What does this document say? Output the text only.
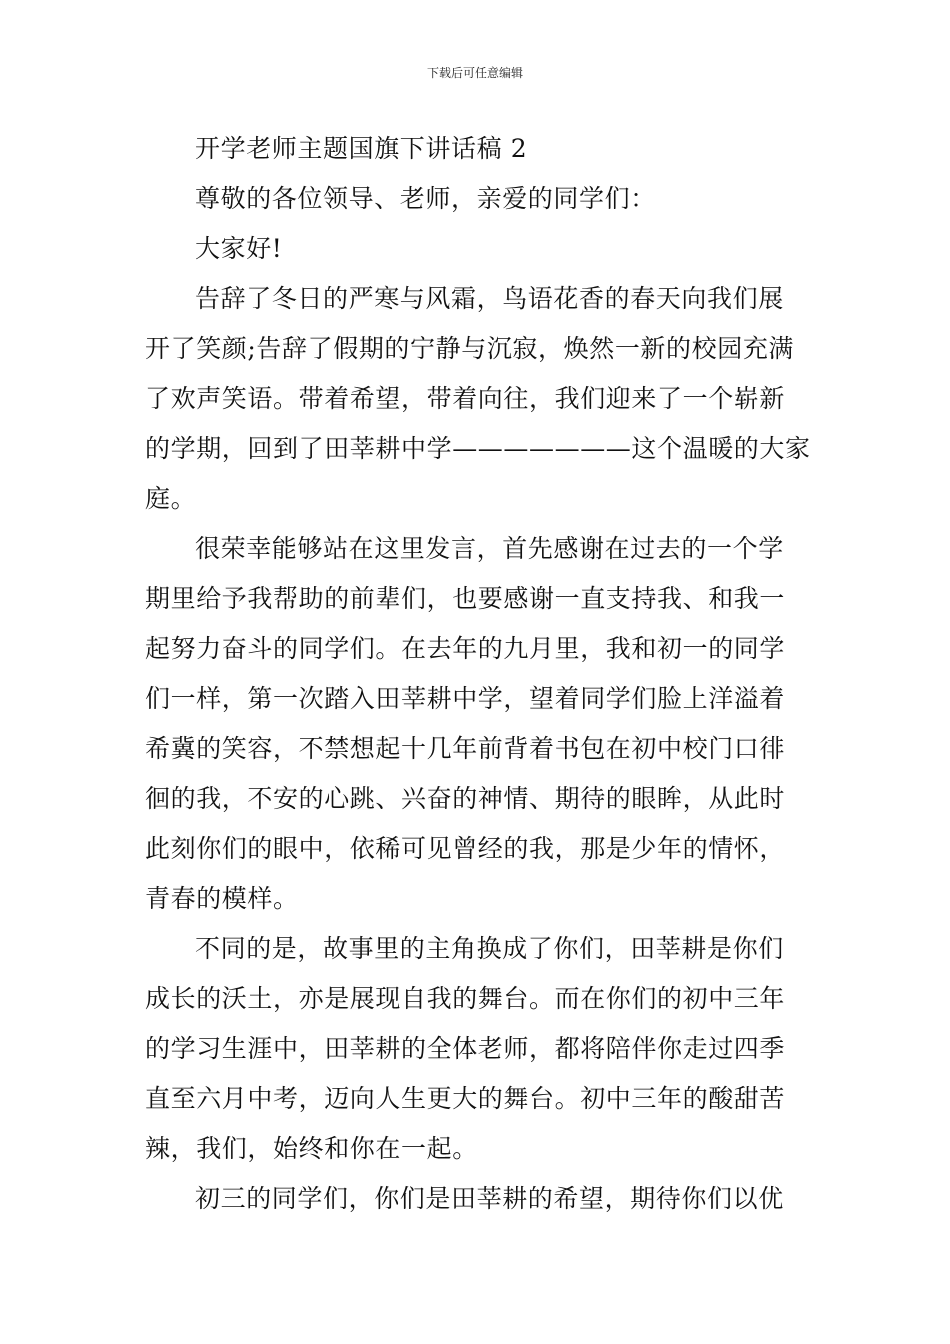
下载后可任意编辑
开学老师主题国旗下讲话稿 2
尊敬的各位领导、老师，亲爱的同学们：
大家好!
告辞了冬日的严寒与风霜，鸟语花香的春天向我们展
开了笑颜;告辞了假期的宁静与沉寂，焕然一新的校园充满
了欢声笑语。带着希望，带着向往，我们迎来了一个崭新
的学期，回到了田莘耕中学———————这个温暖的大家
庭。
很荣幸能够站在这里发言，首先感谢在过去的一个学
期里给予我帮助的前辈们，也要感谢一直支持我、和我一
起努力奋斗的同学们。在去年的九月里，我和初一的同学
们一样，第一次踏入田莘耕中学，望着同学们脸上洋溢着
希冀的笑容，不禁想起十几年前背着书包在初中校门口徘
徊的我，不安的心跳、兴奋的神情、期待的眼眸，从此时
此刻你们的眼中，依稀可见曾经的我，那是少年的情怀，
青春的模样。
不同的是，故事里的主角换成了你们，田莘耕是你们
成长的沃土，亦是展现自我的舞台。而在你们的初中三年
的学习生涯中，田莘耕的全体老师，都将陪伴你走过四季
直至六月中考，迈向人生更大的舞台。初中三年的酸甜苦
辣，我们，始终和你在一起。
初三的同学们，你们是田莘耕的希望，期待你们以优
